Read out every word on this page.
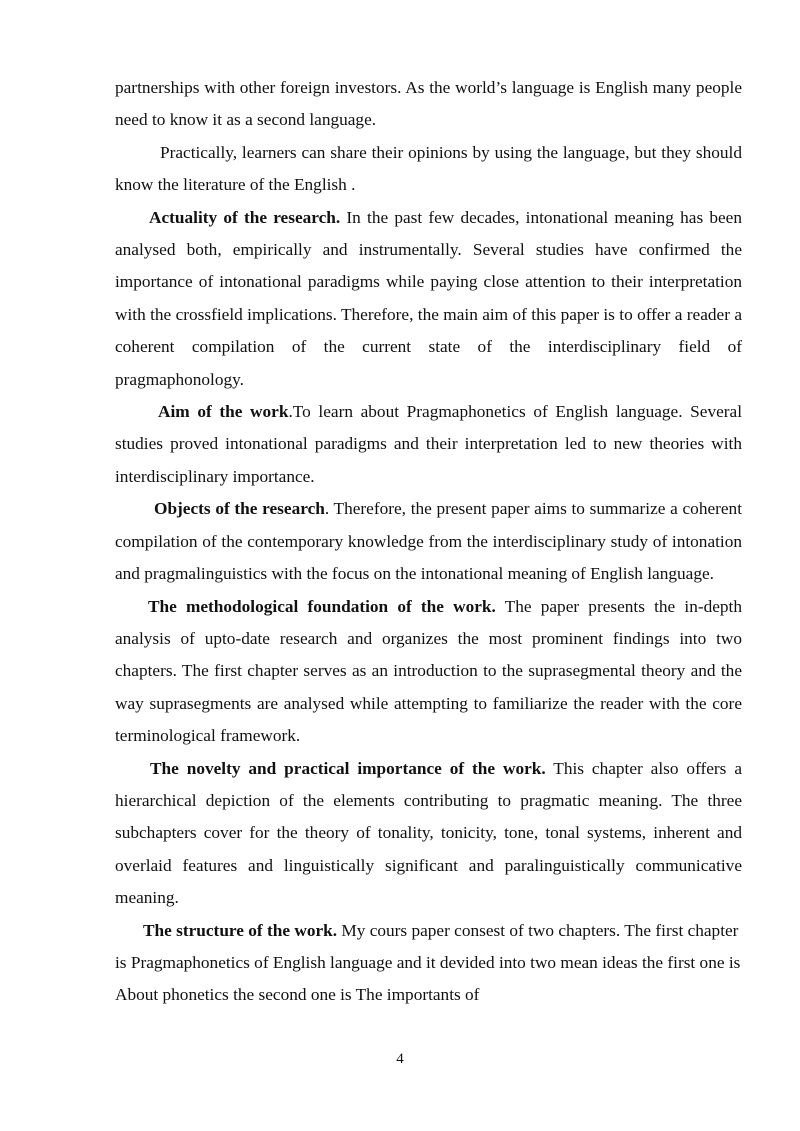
partnerships with other foreign investors. As the world’s language is English many people need to know it as a second language.

Practically, learners can share their opinions by using the language, but they should know the literature of the English .

Actuality of the research. In the past few decades, intonational meaning has been analysed both, empirically and instrumentally. Several studies have confirmed the importance of intonational paradigms while paying close attention to their interpretation with the crossfield implications. Therefore, the main aim of this paper is to offer a reader a coherent compilation of the current state of the interdisciplinary field of pragmaphonology.

Aim of the work.To learn about Pragmaphonetics of English language. Several studies proved intonational paradigms and their interpretation led to new theories with interdisciplinary importance.

Objects of the research. Therefore, the present paper aims to summarize a coherent compilation of the contemporary knowledge from the interdisciplinary study of intonation and pragmalinguistics with the focus on the intonational meaning of English language.

The methodological foundation of the work. The paper presents the in-depth analysis of upto-date research and organizes the most prominent findings into two chapters. The first chapter serves as an introduction to the suprasegmental theory and the way suprasegments are analysed while attempting to familiarize the reader with the core terminological framework.

The novelty and practical importance of the work. This chapter also offers a hierarchical depiction of the elements contributing to pragmatic meaning. The three subchapters cover for the theory of tonality, tonicity, tone, tonal systems, inherent and overlaid features and linguistically significant and paralinguistically communicative meaning.

The structure of the work. My cours paper consest of two chapters. The first chapter is Pragmaphonetics of English language and it devided into two mean ideas the first one is About phonetics the second one is The importants of

4
